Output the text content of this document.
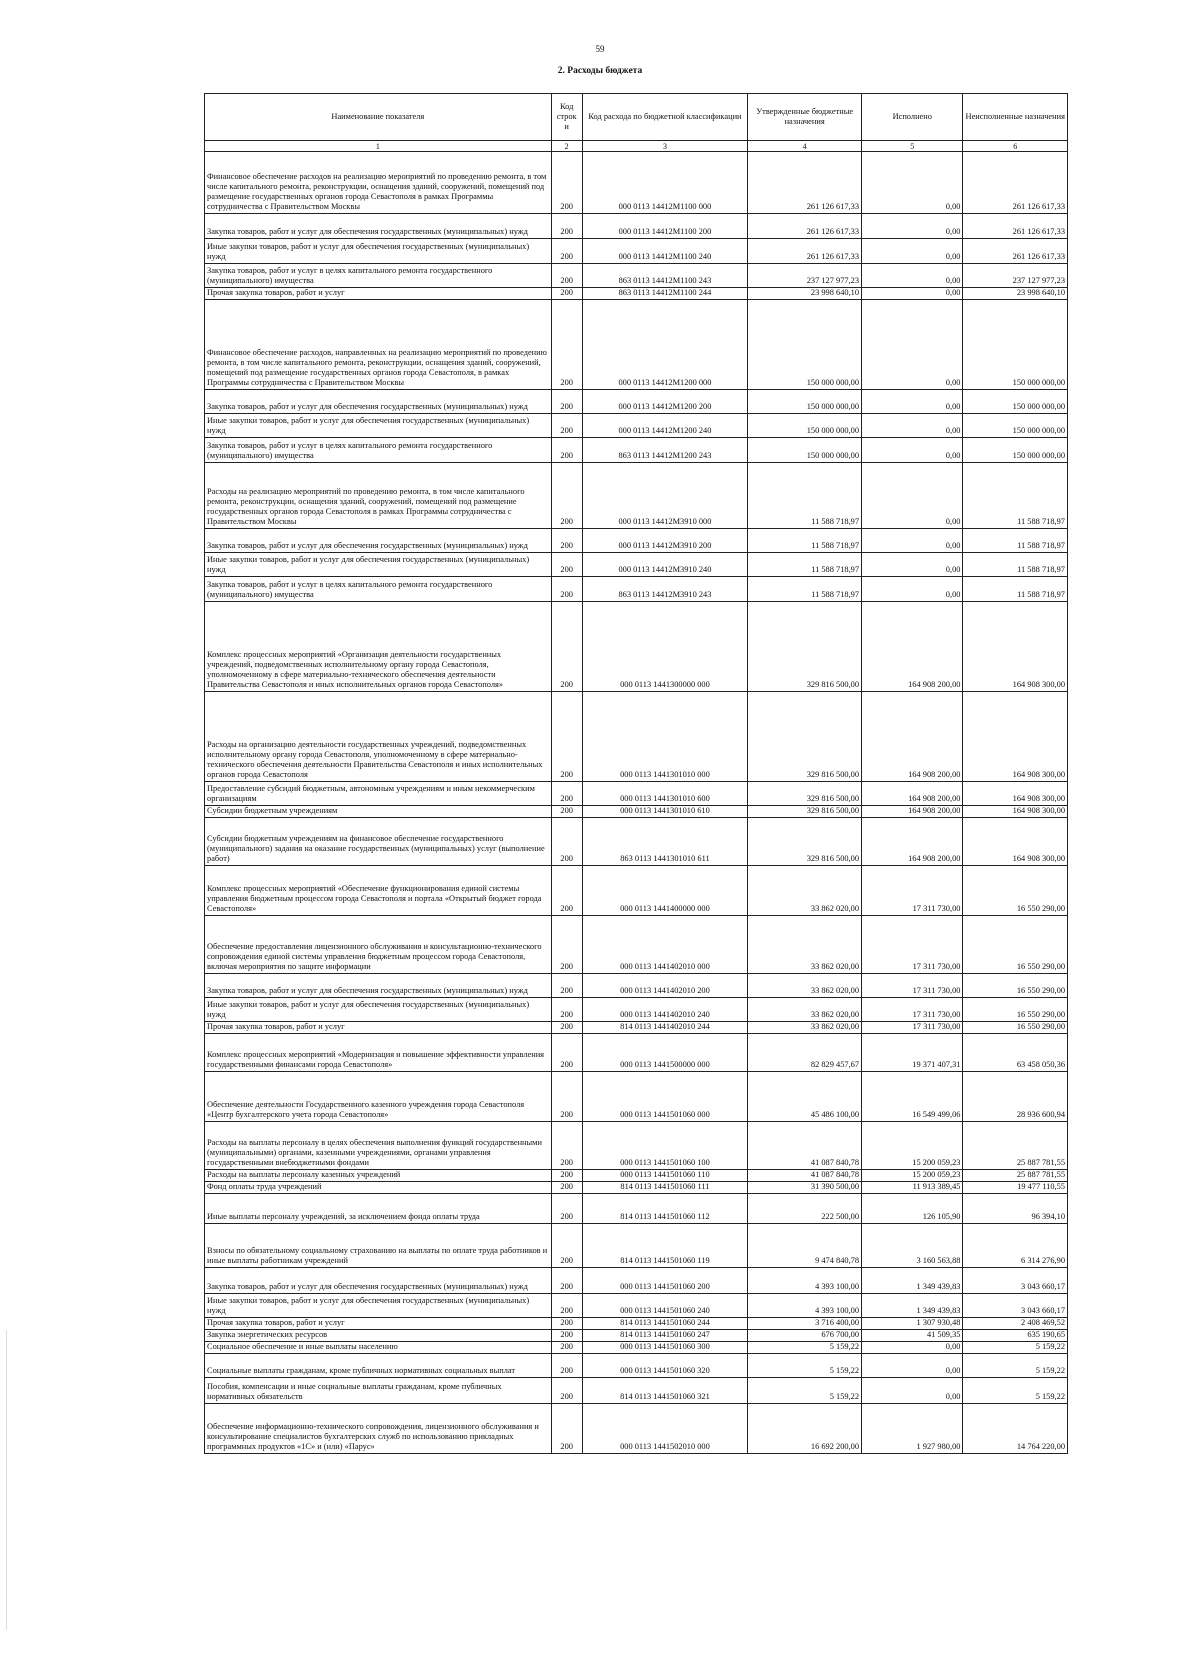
59
2. Расходы бюджета
Наименование показателя	Код строк и	Код расхода по бюджетной классификации	Утвержденные бюджетные назначения	Исполнено	Неисполненные назначения
1	2	3	4	5	6
Финансовое обеспечение расходов на реализацию мероприятий по проведению ремонта, в том числе капитального ремонта, реконструкции, оснащения зданий, сооружений, помещений под размещение государственных органов города Севастополя в рамках Программы сотрудничества с Правительством Москвы	200	000 0113 14412M1100 000	261 126 617,33	0,00	261 126 617,33
Закупка товаров, работ и услуг для обеспечения государственных (муниципальных) нужд	200	000 0113 14412M1100 200	261 126 617,33	0,00	261 126 617,33
Иные закупки товаров, работ и услуг для обеспечения государственных (муниципальных) нужд	200	000 0113 14412M1100 240	261 126 617,33	0,00	261 126 617,33
Закупка товаров, работ и услуг в целях капитального ремонта государственного (муниципального) имущества	200	863 0113 14412M1100 243	237 127 977,23	0,00	237 127 977,23
Прочая закупка товаров, работ и услуг	200	863 0113 14412M1100 244	23 998 640,10	0,00	23 998 640,10
Финансовое обеспечение расходов, направленных на реализацию мероприятий по проведению ремонта, в том числе капитального ремонта, реконструкции, оснащения зданий, сооружений, помещений под размещение государственных органов города Севастополя, в рамках Программы сотрудничества с Правительством Москвы	200	000 0113 14412M1200 000	150 000 000,00	0,00	150 000 000,00
Закупка товаров, работ и услуг для обеспечения государственных (муниципальных) нужд	200	000 0113 14412M1200 200	150 000 000,00	0,00	150 000 000,00
Иные закупки товаров, работ и услуг для обеспечения государственных (муниципальных) нужд	200	000 0113 14412M1200 240	150 000 000,00	0,00	150 000 000,00
Закупка товаров, работ и услуг в целях капитального ремонта государственного (муниципального) имущества	200	863 0113 14412M1200 243	150 000 000,00	0,00	150 000 000,00
Расходы на реализацию мероприятий по проведению ремонта, в том числе капитального ремонта, реконструкции, оснащения зданий, сооружений, помещений под размещение государственных органов города Севастополя в рамках Программы сотрудничества с Правительством Москвы	200	000 0113 14412M3910 000	11 588 718,97	0,00	11 588 718,97
Закупка товаров, работ и услуг для обеспечения государственных (муниципальных) нужд	200	000 0113 14412M3910 200	11 588 718,97	0,00	11 588 718,97
Иные закупки товаров, работ и услуг для обеспечения государственных (муниципальных) нужд	200	000 0113 14412M3910 240	11 588 718,97	0,00	11 588 718,97
Закупка товаров, работ и услуг в целях капитального ремонта государственного (муниципального) имущества	200	863 0113 14412M3910 243	11 588 718,97	0,00	11 588 718,97
Комплекс процессных мероприятий «Организация деятельности государственных учреждений, подведомственных исполнительному органу города Севастополя, уполномоченному в сфере материально-технического обеспечения деятельности Правительства Севастополя и иных исполнительных органов города Севастополя»	200	000 0113 1441300000 000	329 816 500,00	164 908 200,00	164 908 300,00
Расходы на организацию деятельности государственных учреждений, подведомственных исполнительному органу города Севастополя, уполномоченному в сфере материально-технического обеспечения деятельности Правительства Севастополя и иных исполнительных органов города Севастополя	200	000 0113 1441301010 000	329 816 500,00	164 908 200,00	164 908 300,00
Предоставление субсидий бюджетным, автономным учреждениям и иным некоммерческим организациям	200	000 0113 1441301010 600	329 816 500,00	164 908 200,00	164 908 300,00
Субсидии бюджетным учреждениям	200	000 0113 1441301010 610	329 816 500,00	164 908 200,00	164 908 300,00
Субсидии бюджетным учреждениям на финансовое обеспечение государственного (муниципального) задания на оказание государственных (муниципальных) услуг (выполнение работ)	200	863 0113 1441301010 611	329 816 500,00	164 908 200,00	164 908 300,00
Комплекс процессных мероприятий «Обеспечение функционирования единой системы управления бюджетным процессом города Севастополя и портала «Открытый бюджет города Севастополя»	200	000 0113 1441400000 000	33 862 020,00	17 311 730,00	16 550 290,00
Обеспечение предоставления лицензионного обслуживания и консультационно-технического сопровождения единой системы управления бюджетным процессом города Севастополя, включая мероприятия по защите информации	200	000 0113 1441402010 000	33 862 020,00	17 311 730,00	16 550 290,00
Закупка товаров, работ и услуг для обеспечения государственных (муниципальных) нужд	200	000 0113 1441402010 200	33 862 020,00	17 311 730,00	16 550 290,00
Иные закупки товаров, работ и услуг для обеспечения государственных (муниципальных) нужд	200	000 0113 1441402010 240	33 862 020,00	17 311 730,00	16 550 290,00
Прочая закупка товаров, работ и услуг	200	814 0113 1441402010 244	33 862 020,00	17 311 730,00	16 550 290,00
Комплекс процессных мероприятий «Модернизация и повышение эффективности управления государственными финансами города Севастополя»	200	000 0113 1441500000 000	82 829 457,67	19 371 407,31	63 458 050,36
Обеспечение деятельности Государственного казенного учреждения города Севастополя «Центр бухгалтерского учета города Севастополя»	200	000 0113 1441501060 000	45 486 100,00	16 549 499,06	28 936 600,94
Расходы на выплаты персоналу в целях обеспечения выполнения функций государственными (муниципальными) органами, казенными учреждениями, органами управления государственными внебюджетными фондами	200	000 0113 1441501060 100	41 087 840,78	15 200 059,23	25 887 781,55
Расходы на выплаты персоналу казенных учреждений	200	000 0113 1441501060 110	41 087 840,78	15 200 059,23	25 887 781,55
Фонд оплаты труда учреждений	200	814 0113 1441501060 111	31 390 500,00	11 913 389,45	19 477 110,55
Иные выплаты персоналу учреждений, за исключением фонда оплаты труда	200	814 0113 1441501060 112	222 500,00	126 105,90	96 394,10
Взносы по обязательному социальному страхованию на выплаты по оплате труда работников и иные выплаты работникам учреждений	200	814 0113 1441501060 119	9 474 840,78	3 160 563,88	6 314 276,90
Закупка товаров, работ и услуг для обеспечения государственных (муниципальных) нужд	200	000 0113 1441501060 200	4 393 100,00	1 349 439,83	3 043 660,17
Иные закупки товаров, работ и услуг для обеспечения государственных (муниципальных) нужд	200	000 0113 1441501060 240	4 393 100,00	1 349 439,83	3 043 660,17
Прочая закупка товаров, работ и услуг	200	814 0113 1441501060 244	3 716 400,00	1 307 930,48	2 408 469,52
Закупка энергетических ресурсов	200	814 0113 1441501060 247	676 700,00	41 509,35	635 190,65
Социальное обеспечение и иные выплаты населению	200	000 0113 1441501060 300	5 159,22	0,00	5 159,22
Социальные выплаты гражданам, кроме публичных нормативных социальных выплат	200	000 0113 1441501060 320	5 159,22	0,00	5 159,22
Пособия, компенсации и иные социальные выплаты гражданам, кроме публичных нормативных обязательств	200	814 0113 1441501060 321	5 159,22	0,00	5 159,22
Обеспечение информационно-технического сопровождения, лицензионного обслуживания и консультирование специалистов бухгалтерских служб по использованию прикладных программных продуктов «1С» и (или) «Парус»	200	000 0113 1441502010 000	16 692 200,00	1 927 980,00	14 764 220,00
